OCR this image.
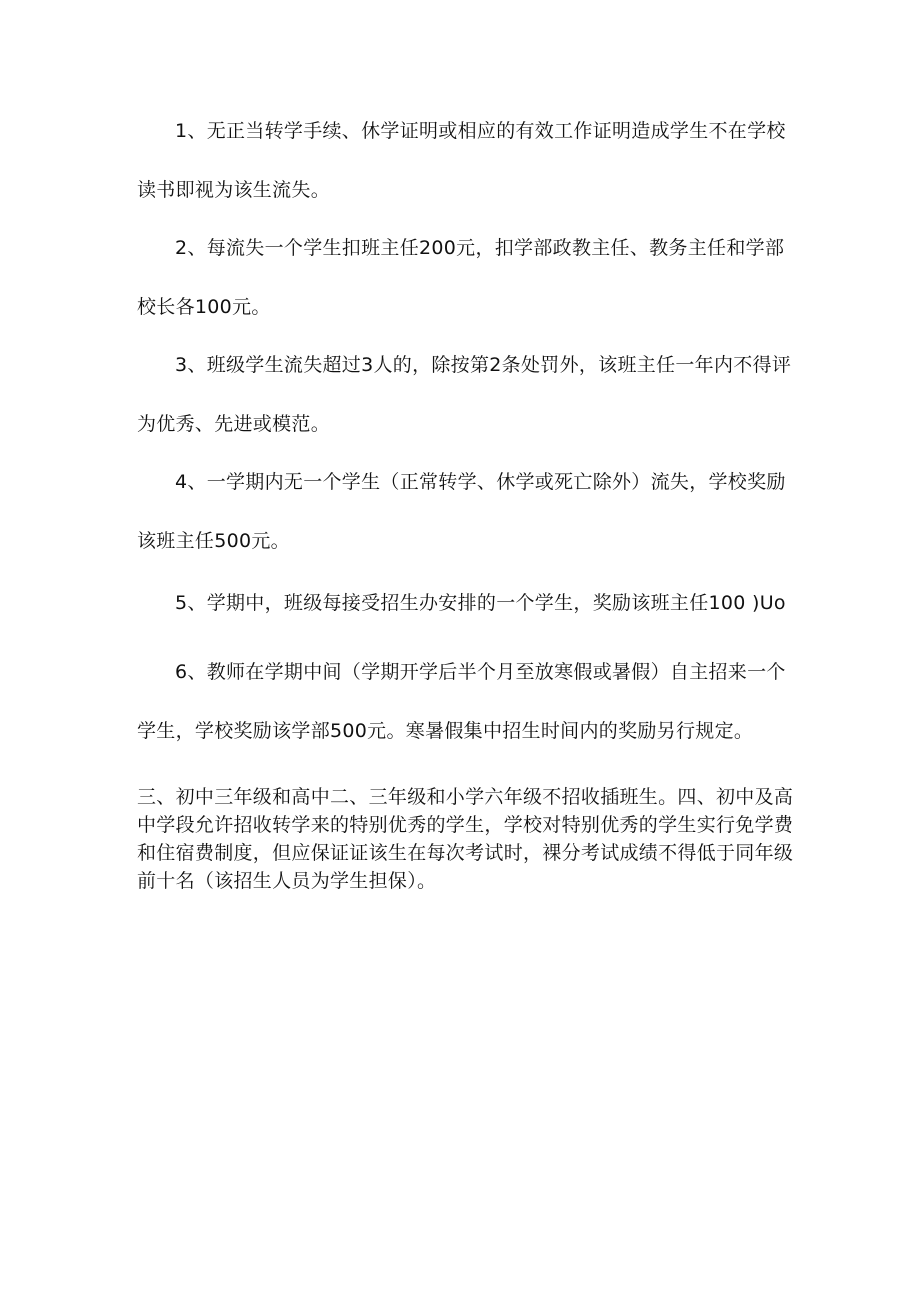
1、无正当转学手续、休学证明或相应的有效工作证明造成学生不在学校读书即视为该生流失。

2、每流失一个学生扣班主任200元，扣学部政教主任、教务主任和学部校长各100元。

3、班级学生流失超过3人的，除按第2条处罚外，该班主任一年内不得评为优秀、先进或模范。

4、一学期内无一个学生（正常转学、休学或死亡除外）流失，学校奖励该班主任500元。

5、学期中，班级每接受招生办安排的一个学生，奖励该班主任100 )Uo

6、教师在学期中间（学期开学后半个月至放寒假或暑假）自主招来一个学生，学校奖励该学部500元。寒暑假集中招生时间内的奖励另行规定。

三、初中三年级和高中二、三年级和小学六年级不招收插班生。四、初中及高中学段允许招收转学来的特别优秀的学生，学校对特别优秀的学生实行免学费和住宿费制度，但应保证证该生在每次考试时，裸分考试成绩不得低于同年级前十名（该招生人员为学生担保）。
